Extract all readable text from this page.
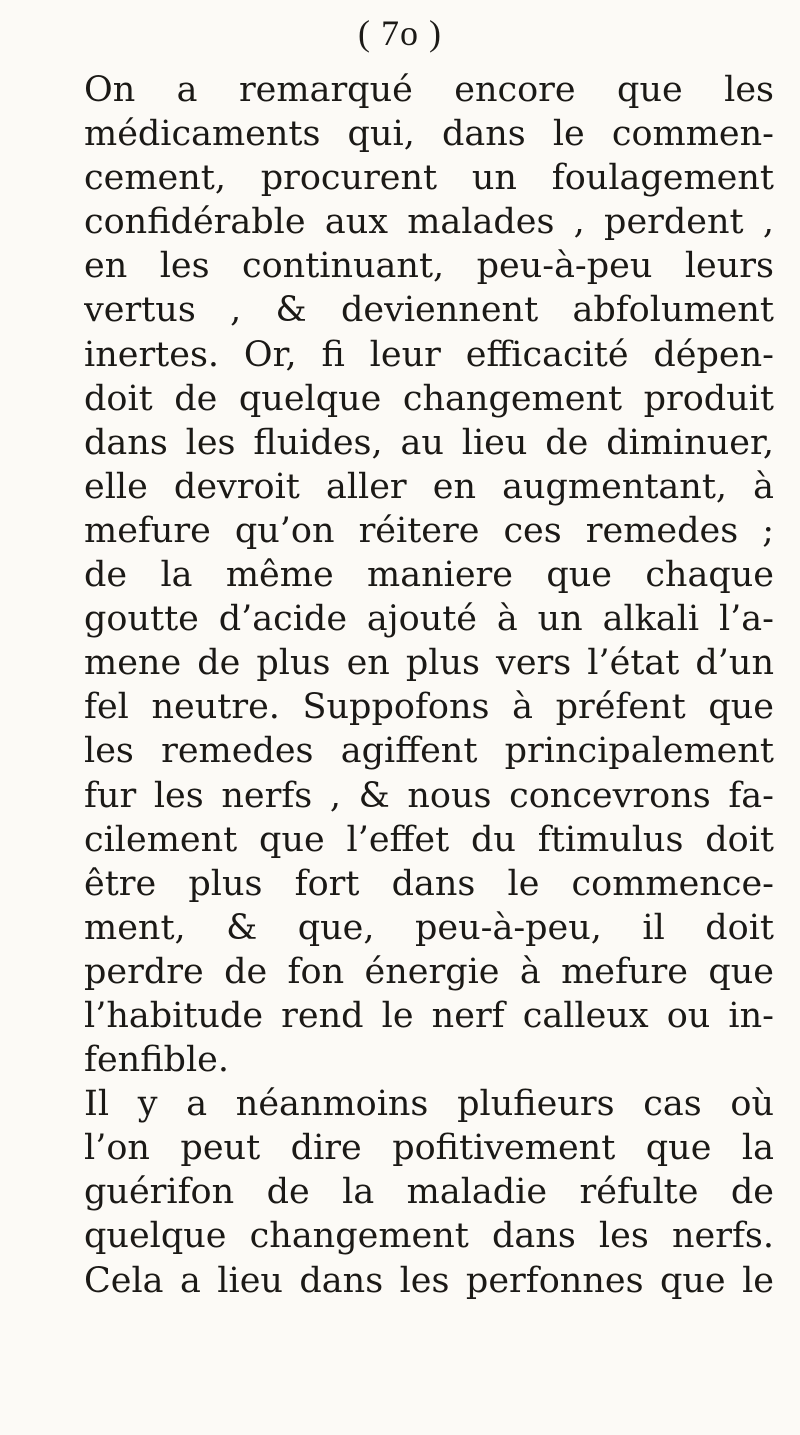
( 7o )
On a remarqué encore que les
médicaments qui, dans le commen-
cement, procurent un foulagement
confidérable aux malades , perdent ,
en les continuant, peu-à-peu leurs
vertus , & deviennent abfolument
inertes. Or, fi leur efficacité dépen-
doit de quelque changement produit
dans les fluides, au lieu de diminuer,
elle devroit aller en augmentant, à
mefure qu’on réitere ces remedes ;
de la même maniere que chaque
goutte d’acide ajouté à un alkali l’a-
mene de plus en plus vers l’état d’un
fel neutre. Suppofons à préfent que
les remedes agiffent principalement
fur les nerfs , & nous concevrons fa-
cilement que l’effet du ftimulus doit
être plus fort dans le commence-
ment, & que, peu-à-peu, il doit
perdre de fon énergie à mefure que
l’habitude rend le nerf calleux ou in-
fenfible.
Il y a néanmoins plufieurs cas où
l’on peut dire pofitivement que la
guérifon de la maladie réfulte de
quelque changement dans les nerfs.
Cela a lieu dans les perfonnes que le
